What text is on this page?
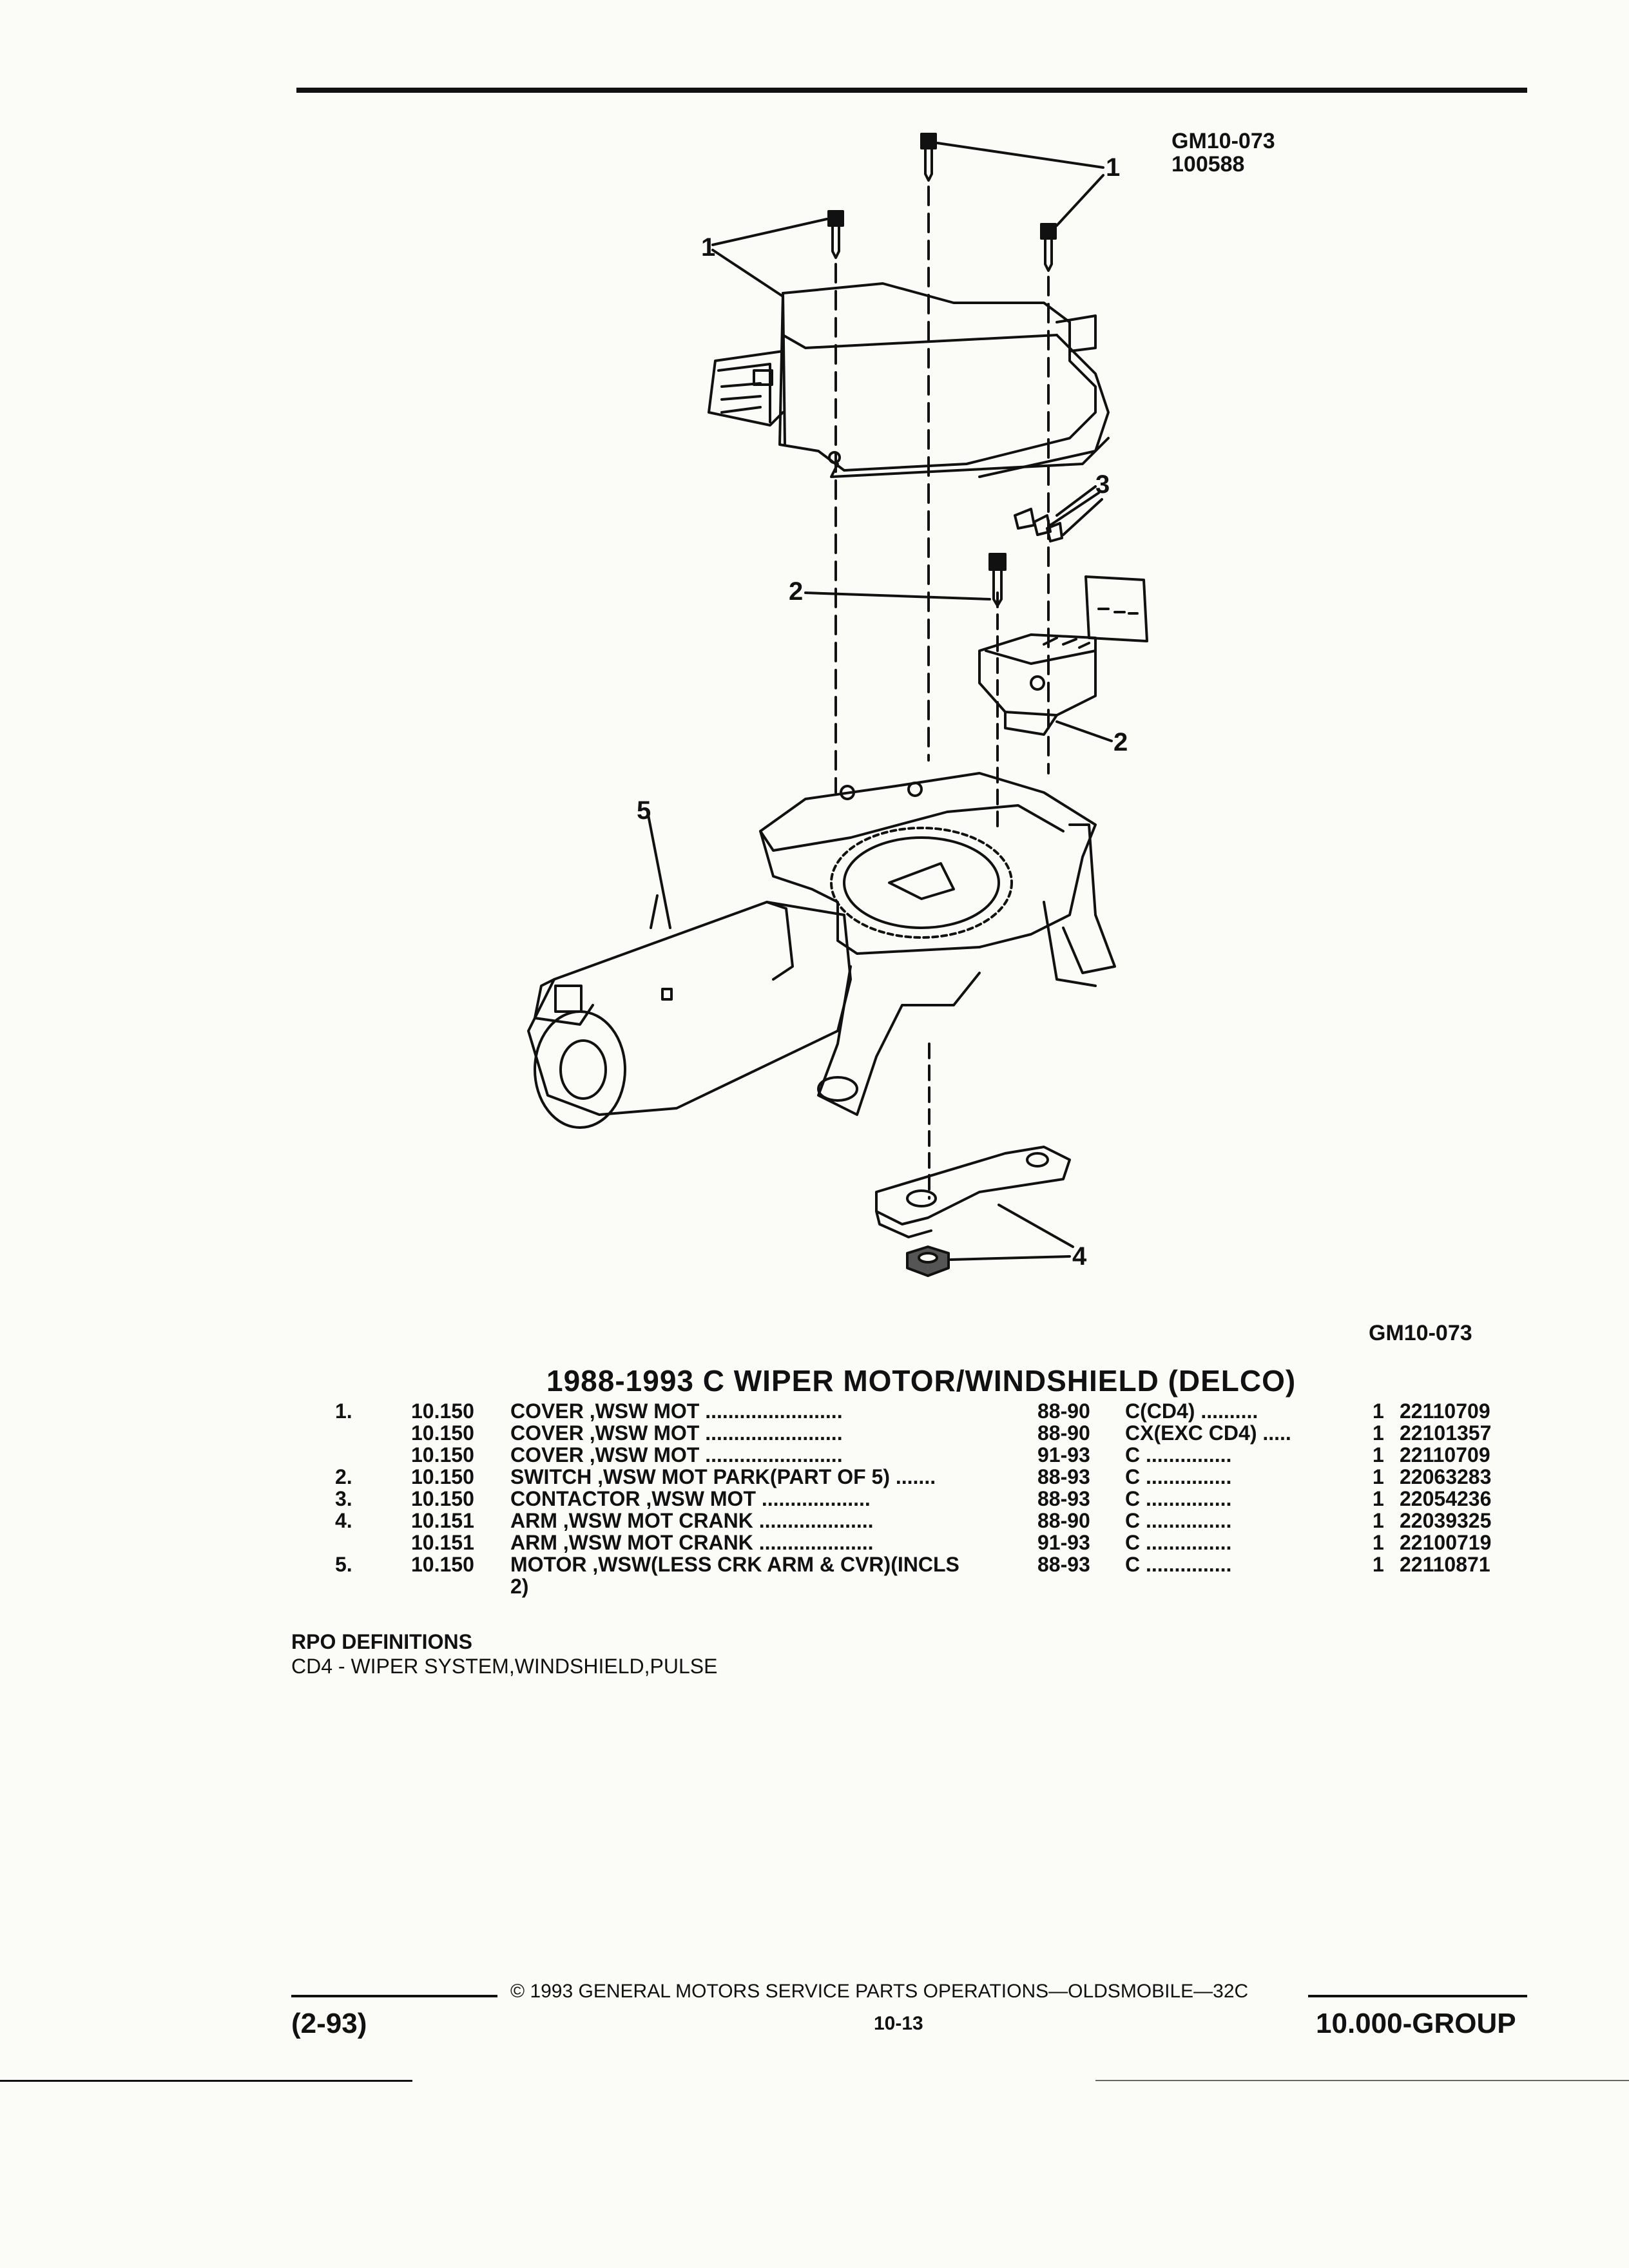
GM10-073
100588
1
1
2
3
2
5
4
GM10-073
1988-1993 C WIPER MOTOR/WINDSHIELD (DELCO)
1.	10.150 COVER ,WSW MOT ........................	88-90 C(CD4) ..........	1 22110709
10.150 COVER ,WSW MOT ........................	88-90 CX(EXC CD4) .....	1 22101357
10.150 COVER ,WSW MOT ........................	91-93 C ...............	1 22110709
2.	10.150 SWITCH ,WSW MOT PARK(PART OF 5) .......	88-93 C ...............	1 22063283
3.	10.150 CONTACTOR ,WSW MOT ...................	88-93 C ...............	1 22054236
4.	10.151 ARM ,WSW MOT CRANK ....................	88-90 C ...............	1 22039325
10.151 ARM ,WSW MOT CRANK ....................	91-93 C ...............	1 22100719
5.	10.150 MOTOR ,WSW(LESS CRK ARM & CVR)(INCLS	88-93 C ...............	1 22110871
2)
RPO DEFINITIONS
CD4 - WIPER SYSTEM,WINDSHIELD,PULSE
© 1993 GENERAL MOTORS SERVICE PARTS OPERATIONS—OLDSMOBILE—32C
(2-93)	10-13	10.000-GROUP
